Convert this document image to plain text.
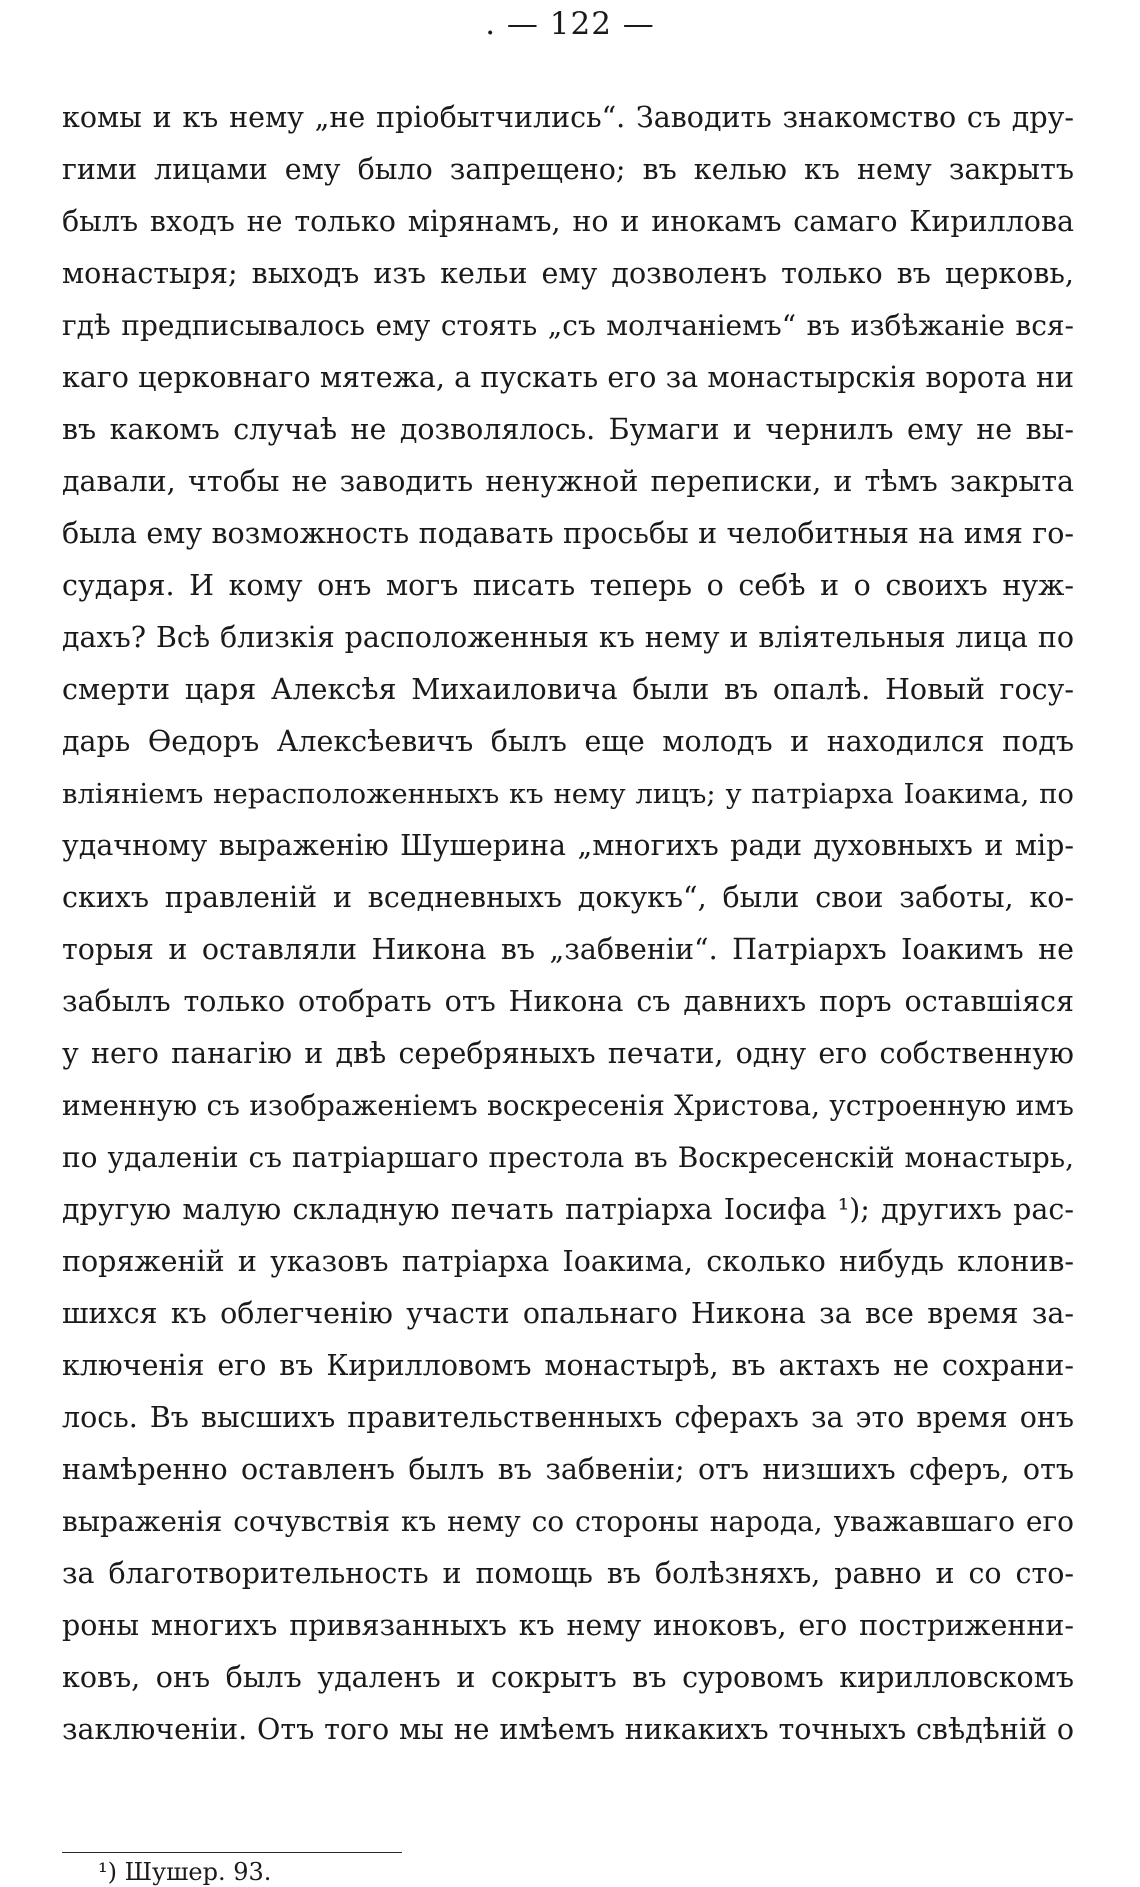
. — 122 —
комы и къ нему „не пріобытчились“. Заводить знакомство съ дру-
гими лицами ему было запрещено; въ келью къ нему закрытъ
былъ входъ не только мірянамъ, но и инокамъ самаго Кириллова
монастыря; выходъ изъ кельи ему дозволенъ только въ церковь,
гдѣ предписывалось ему стоять „съ молчаніемъ“ въ избѣжаніе вся-
каго церковнаго мятежа, а пускать его за монастырскія ворота ни
въ какомъ случаѣ не дозволялось. Бумаги и чернилъ ему не вы-
давали, чтобы не заводить ненужной переписки, и тѣмъ закрыта
была ему возможность подавать просьбы и челобитныя на имя го-
сударя. И кому онъ могъ писать теперь о себѣ и о своихъ нуж-
дахъ? Всѣ близкія расположенныя къ нему и вліятельныя лица по
смерти царя Алексѣя Михаиловича были въ опалѣ. Новый госу-
дарь Ѳедоръ Алексѣевичъ былъ еще молодъ и находился подъ
вліяніемъ нерасположенныхъ къ нему лицъ; у патріарха Іоакима, по
удачному выраженію Шушерина „многихъ ради духовныхъ и мір-
скихъ правленій и вседневныхъ докукъ“, были свои заботы, ко-
торыя и оставляли Никона въ „забвеніи“. Патріархъ Іоакимъ не
забылъ только отобрать отъ Никона съ давнихъ поръ оставшіяся
у него панагію и двѣ серебряныхъ печати, одну его собственную
именную съ изображеніемъ воскресенія Христова, устроенную имъ
по удаленіи съ патріаршаго престола въ Воскресенскій монастырь,
другую малую складную печать патріарха Іосифа ¹); другихъ рас-
поряженій и указовъ патріарха Іоакима, сколько нибудь клонив-
шихся къ облегченію участи опальнаго Никона за все время за-
ключенія его въ Кирилловомъ монастырѣ, въ актахъ не сохрани-
лось. Въ высшихъ правительственныхъ сферахъ за это время онъ
намѣренно оставленъ былъ въ забвеніи; отъ низшихъ сферъ, отъ
выраженія сочувствія къ нему со стороны народа, уважавшаго его
за благотворительность и помощь въ болѣзняхъ, равно и со сто-
роны многихъ привязанныхъ къ нему иноковъ, его постриженни-
ковъ, онъ былъ удаленъ и сокрытъ въ суровомъ кирилловскомъ
заключеніи. Отъ того мы не имѣемъ никакихъ точныхъ свѣдѣній о
¹) Шушер. 93.
